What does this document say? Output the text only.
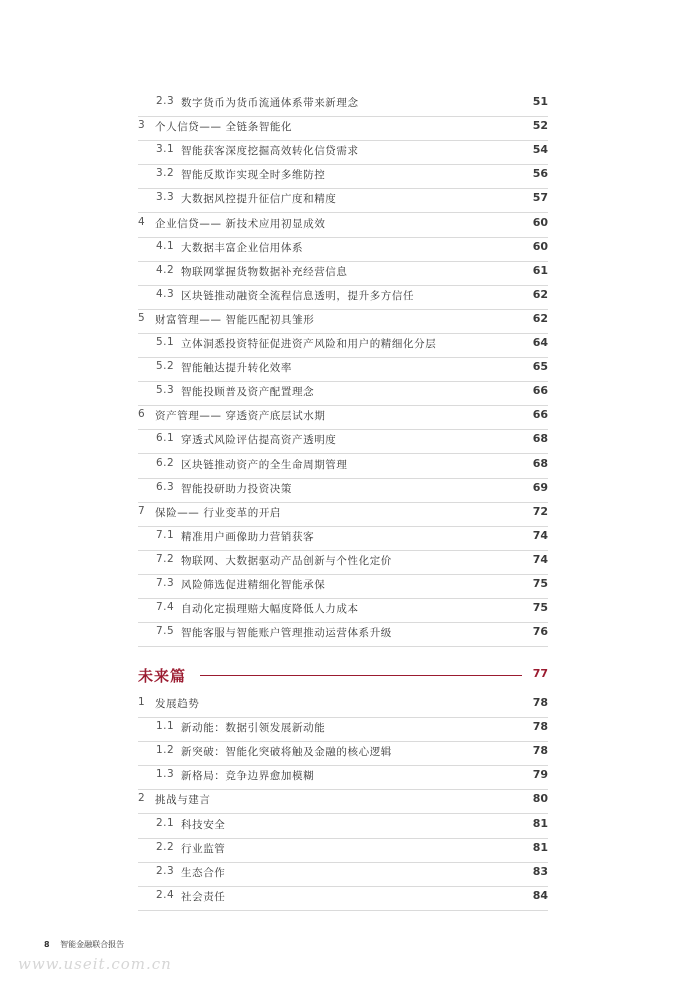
2.3 数字货币为货币流通体系带来新理念	51
3 个人信贷—— 全链条智能化	52
3.1 智能获客深度挖掘高效转化信贷需求	54
3.2 智能反欺诈实现全时多维防控	56
3.3 大数据风控提升征信广度和精度	57
4 企业信贷—— 新技术应用初显成效	60
4.1 大数据丰富企业信用体系	60
4.2 物联网掌握货物数据补充经营信息	61
4.3 区块链推动融资全流程信息透明，提升多方信任	62
5 财富管理—— 智能匹配初具雏形	62
5.1 立体洞悉投资特征促进资产风险和用户的精细化分层	64
5.2 智能触达提升转化效率	65
5.3 智能投顾普及资产配置理念	66
6 资产管理—— 穿透资产底层试水期	66
6.1 穿透式风险评估提高资产透明度	68
6.2 区块链推动资产的全生命周期管理	68
6.3 智能投研助力投资决策	69
7 保险—— 行业变革的开启	72
7.1 精准用户画像助力营销获客	74
7.2 物联网、大数据驱动产品创新与个性化定价	74
7.3 风险筛选促进精细化智能承保	75
7.4 自动化定损理赔大幅度降低人力成本	75
7.5 智能客服与智能账户管理推动运营体系升级	76
未来篇	77
1 发展趋势	78
1.1 新动能：数据引领发展新动能	78
1.2 新突破：智能化突破将触及金融的核心逻辑	78
1.3 新格局：竞争边界愈加模糊	79
2 挑战与建言	80
2.1 科技安全	81
2.2 行业监管	81
2.3 生态合作	83
2.4 社会责任	84
8 智能金融联合报告
www.useit.com.cn
